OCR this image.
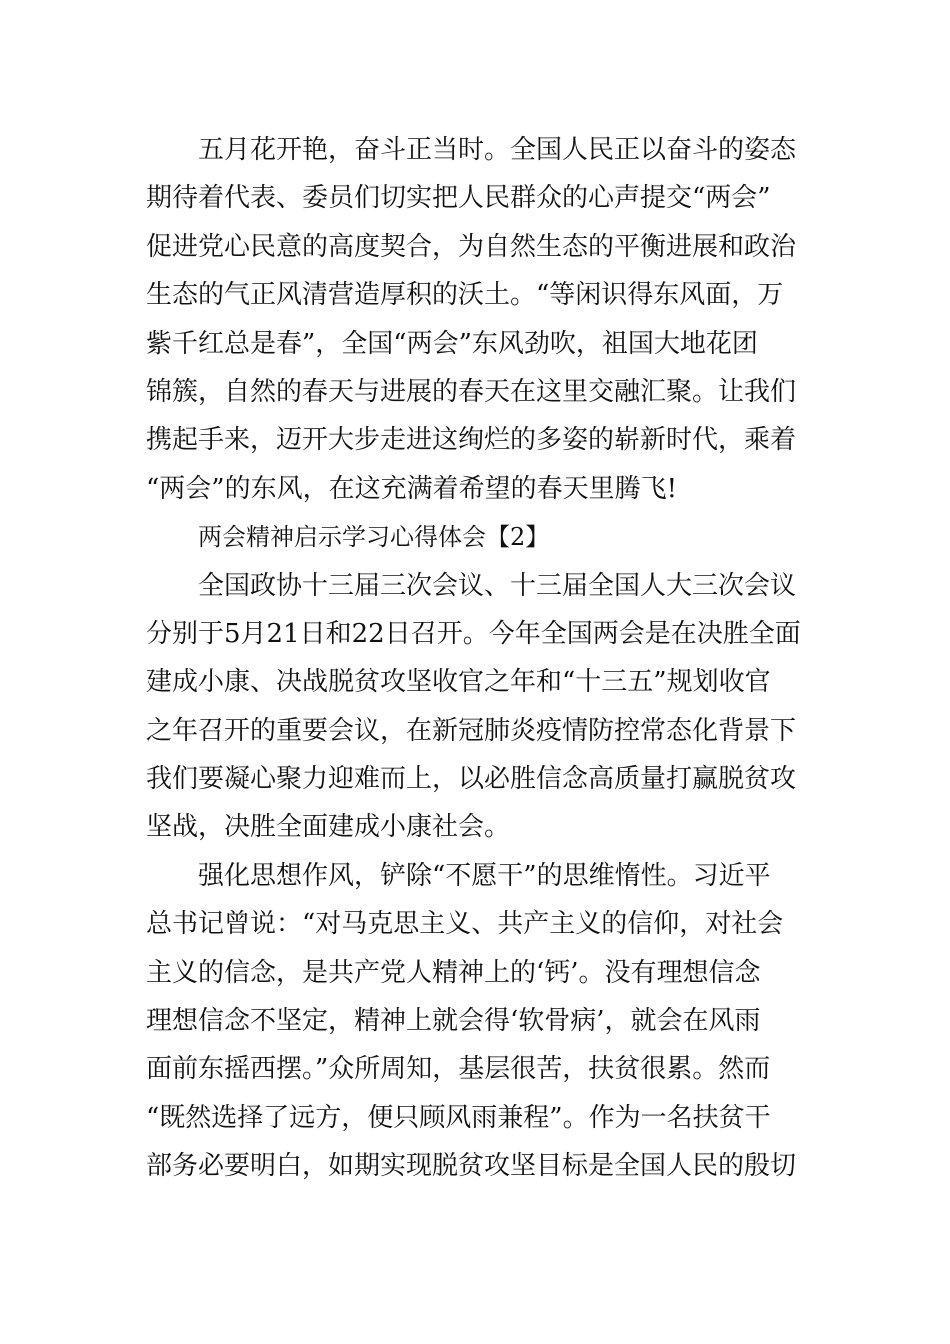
五月花开艳，奋斗正当时。全国人民正以奋斗的姿态
期待着代表、委员们切实把人民群众的心声提交“两会”
促进党心民意的高度契合，为自然生态的平衡进展和政治
生态的气正风清营造厚积的沃土。“等闲识得东风面，万
紫千红总是春”，全国“两会”东风劲吹，祖国大地花团
锦簇，自然的春天与进展的春天在这里交融汇聚。让我们
携起手来，迈开大步走进这绚烂的多姿的崭新时代，乘着
“两会”的东风，在这充满着希望的春天里腾飞!
两会精神启示学习心得体会【2】
全国政协十三届三次会议、十三届全国人大三次会议
分别于5月21日和22日召开。今年全国两会是在决胜全面
建成小康、决战脱贫攻坚收官之年和“十三五”规划收官
之年召开的重要会议，在新冠肺炎疫情防控常态化背景下
我们要凝心聚力迎难而上，以必胜信念高质量打赢脱贫攻
坚战，决胜全面建成小康社会。
强化思想作风，铲除“不愿干”的思维惰性。习近平
总书记曾说：“对马克思主义、共产主义的信仰，对社会
主义的信念，是共产党人精神上的‘钙’。没有理想信念
理想信念不坚定，精神上就会得‘软骨病’，就会在风雨
面前东摇西摆。”众所周知，基层很苦，扶贫很累。然而
“既然选择了远方，便只顾风雨兼程”。作为一名扶贫干
部务必要明白，如期实现脱贫攻坚目标是全国人民的殷切
